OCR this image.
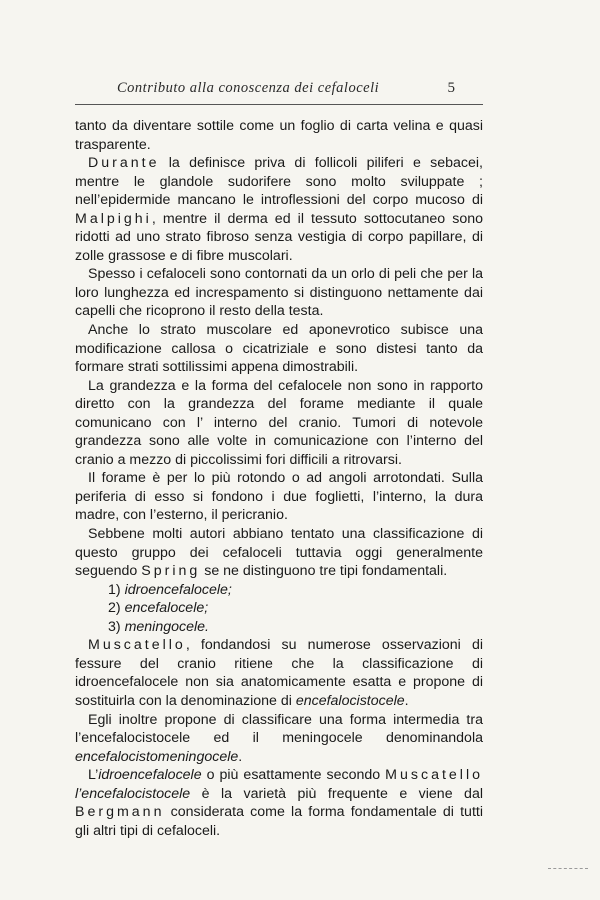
Contributo alla conoscenza dei cefaloceli	5

tanto da diventare sottile come un foglio di carta velina e quasi trasparente.

Durante la definisce priva di follicoli piliferi e sebacei, mentre le glandole sudorifere sono molto sviluppate ; nell’epidermide mancano le introflessioni del corpo mucoso di Malpighi, mentre il derma ed il tessuto sottocutaneo sono ridotti ad uno strato fibroso senza vestigia di corpo papillare, di zolle grassose e di fibre muscolari.

Spesso i cefaloceli sono contornati da un orlo di peli che per la loro lunghezza ed increspamento si distinguono nettamente dai capelli che ricoprono il resto della testa.

Anche lo strato muscolare ed aponevrotico subisce una modificazione callosa o cicatriziale e sono distesi tanto da formare strati sottilissimi appena dimostrabili.

La grandezza e la forma del cefalocele non sono in rapporto diretto con la grandezza del forame mediante il quale comunicano con l’ interno del cranio. Tumori di notevole grandezza sono alle volte in comunicazione con l’interno del cranio a mezzo di piccolissimi fori difficili a ritrovarsi.

Il forame è per lo più rotondo o ad angoli arrotondati. Sulla periferia di esso si fondono i due foglietti, l’interno, la dura madre, con l’esterno, il pericranio.

Sebbene molti autori abbiano tentato una classificazione di questo gruppo dei cefaloceli tuttavia oggi generalmente seguendo Spring se ne distinguono tre tipi fondamentali.

1) idroencefalocele;

2) encefalocele;

3) meningocele.

Muscatello, fondandosi su numerose osservazioni di fessure del cranio ritiene che la classificazione di idroencefalocele non sia anatomicamente esatta e propone di sostituirla con la denominazione di encefalocistocele.

Egli inoltre propone di classificare una forma intermedia tra l’encefalocistocele ed il meningocele denominandola encefalocistomeningocele.

L’idroencefalocele o più esattamente secondo Muscatello l’encefalocistocele è la varietà più frequente e viene dal Bergmann considerata come la forma fondamentale di tutti gli altri tipi di cefaloceli.
